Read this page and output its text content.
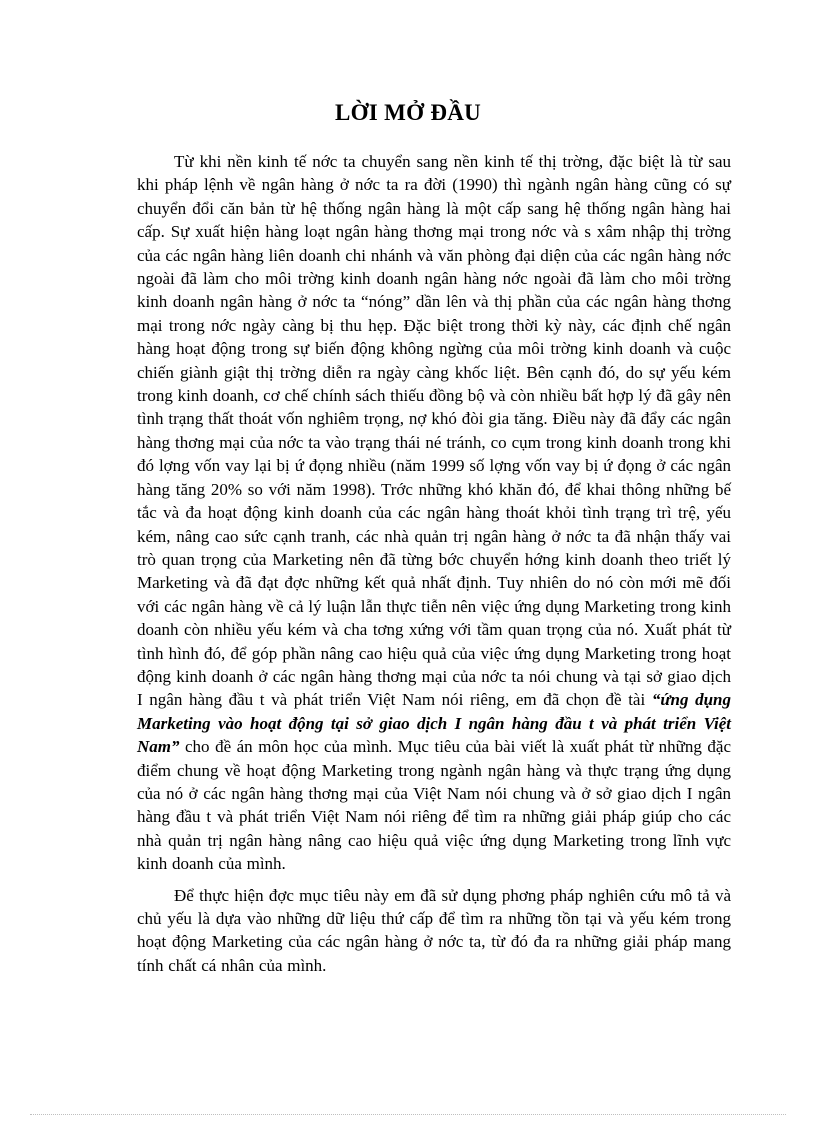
LỜI MỞ ĐẦU

Từ khi nền kinh tế nớc ta chuyển sang nền kinh tế thị trờng, đặc biệt là từ sau khi pháp lệnh về ngân hàng ở nớc ta ra đời (1990) thì ngành ngân hàng cũng có sự chuyển đổi căn bản từ hệ thống ngân hàng là một cấp sang hệ thống ngân hàng hai cấp. Sự xuất hiện hàng loạt ngân hàng thơng mại trong nớc và s xâm nhập thị trờng của các ngân hàng liên doanh chi nhánh và văn phòng đại diện của các ngân hàng nớc ngoài đã làm cho môi trờng kinh doanh ngân hàng nớc ngoài đã làm cho môi trờng kinh doanh ngân hàng ở nớc ta “nóng” dần lên và thị phần của các ngân hàng thơng mại trong nớc ngày càng bị thu hẹp. Đặc biệt trong thời kỳ này, các định chế ngân hàng hoạt động trong sự biến động không ngừng của môi trờng kinh doanh và cuộc chiến giành giật thị trờng diễn ra ngày càng khốc liệt. Bên cạnh đó, do sự yếu kém trong kinh doanh, cơ chế chính sách thiếu đồng bộ và còn nhiều bất hợp lý đã gây nên tình trạng thất thoát vốn nghiêm trọng, nợ khó đòi gia tăng. Điều này đã đẩy các ngân hàng thơng mại của nớc ta vào trạng thái né tránh, co cụm trong kinh doanh trong khi đó lợng vốn vay lại bị ứ đọng nhiều (năm 1999 số lợng vốn vay bị ứ đọng ở các ngân hàng tăng 20% so với năm 1998). Trớc những khó khăn đó, để khai thông những bế tắc và đa hoạt động kinh doanh của các ngân hàng thoát khỏi tình trạng trì trệ, yếu kém, nâng cao sức cạnh tranh, các nhà quản trị ngân hàng ở nớc ta đã nhận thấy vai trò quan trọng của Marketing nên đã từng bớc chuyển hớng kinh doanh theo triết lý Marketing và đã đạt đợc những kết quả nhất định. Tuy nhiên do nó còn mới mẽ đối với các ngân hàng về cả lý luận lẫn thực tiễn nên việc ứng dụng Marketing trong kinh doanh còn nhiều yếu kém và cha tơng xứng với tầm quan trọng của nó. Xuất phát từ tình hình đó, để góp phần nâng cao hiệu quả của việc ứng dụng Marketing trong hoạt động kinh doanh ở các ngân hàng thơng mại của nớc ta nói chung và tại sở giao dịch I ngân hàng đầu t và phát triển Việt Nam nói riêng, em đã chọn đề tài “ứng dụng Marketing vào hoạt động tại sở giao dịch I ngân hàng đầu t và phát triển Việt Nam” cho đề án môn học của mình. Mục tiêu của bài viết là xuất phát từ những đặc điểm chung về hoạt động Marketing trong ngành ngân hàng và thực trạng ứng dụng của nó ở các ngân hàng thơng mại của Việt Nam nói chung và ở sở giao dịch I ngân hàng đầu t và phát triển Việt Nam nói riêng để tìm ra những giải pháp giúp cho các nhà quản trị ngân hàng nâng cao hiệu quả việc ứng dụng Marketing trong lĩnh vực kinh doanh của mình.

Để thực hiện đợc mục tiêu này em đã sử dụng phơng pháp nghiên cứu mô tả và chủ yếu là dựa vào những dữ liệu thứ cấp để tìm ra những tồn tại và yếu kém trong hoạt động Marketing của các ngân hàng ở nớc ta, từ đó đa ra những giải pháp mang tính chất cá nhân của mình.
